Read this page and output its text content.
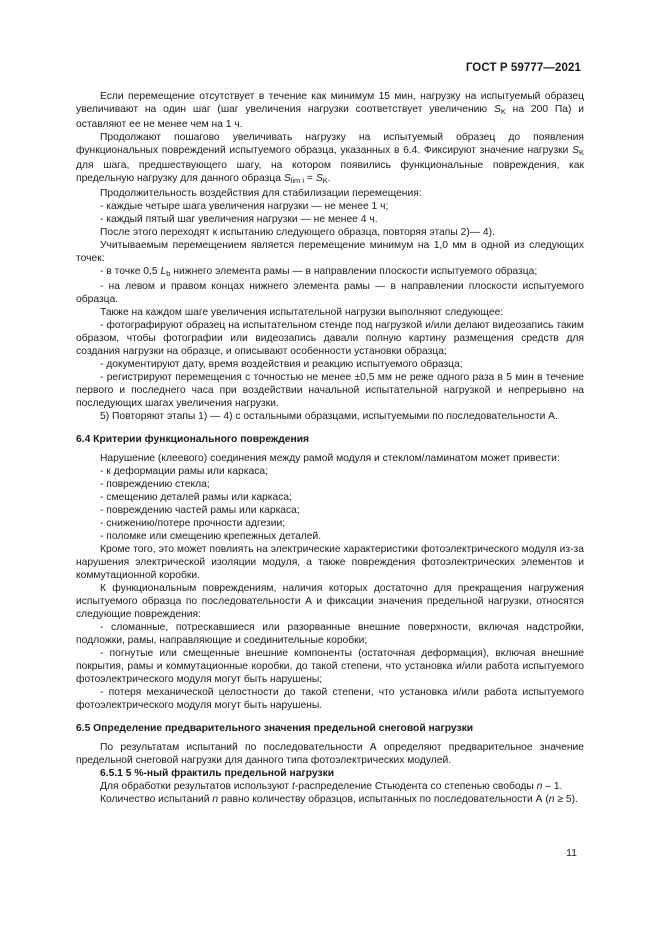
ГОСТ Р 59777—2021

Если перемещение отсутствует в течение как минимум 15 мин, нагрузку на испытуемый образец увеличивают на один шаг (шаг увеличения нагрузки соответствует увеличению SK на 200 Па) и оставляют ее не менее чем на 1 ч.

Продолжают пошагово увеличивать нагрузку на испытуемый образец до появления функциональных повреждений испытуемого образца, указанных в 6.4. Фиксируют значение нагрузки SK для шага, предшествующего шагу, на котором появились функциональные повреждения, как предельную нагрузку для данного образца Slim i = SK.

Продолжительность воздействия для стабилизации перемещения:

- каждые четыре шага увеличения нагрузки — не менее 1 ч;

- каждый пятый шаг увеличения нагрузки — не менее 4 ч.

После этого переходят к испытанию следующего образца, повторяя этапы 2)— 4).

Учитываемым перемещением является перемещение минимум на 1,0 мм в одной из следующих точек:

- в точке 0,5 Lb нижнего элемента рамы — в направлении плоскости испытуемого образца;

- на левом и правом концах нижнего элемента рамы — в направлении плоскости испытуемого образца.

Также на каждом шаге увеличения испытательной нагрузки выполняют следующее:

- фотографируют образец на испытательном стенде под нагрузкой и/или делают видеозапись таким образом, чтобы фотографии или видеозапись давали полную картину размещения средств для создания нагрузки на образце, и описывают особенности установки образца;

- документируют дату, время воздействия и реакцию испытуемого образца;

- регистрируют перемещения с точностью не менее ±0,5 мм не реже одного раза в 5 мин в течение первого и последнего часа при воздействии начальной испытательной нагрузкой и непрерывно на последующих шагах увеличения нагрузки.

5) Повторяют этапы 1) — 4) с остальными образцами, испытуемыми по последовательности А.

6.4 Критерии функционального повреждения

Нарушение (клеевого) соединения между рамой модуля и стеклом/ламинатом может привести:

- к деформации рамы или каркаса;

- повреждению стекла;

- смещению деталей рамы или каркаса;

- повреждению частей рамы или каркаса;

- снижению/потере прочности адгезии;

- поломке или смещению крепежных деталей.

Кроме того, это может повлиять на электрические характеристики фотоэлектрического модуля из-за нарушения электрической изоляции модуля, а также повреждения фотоэлектрических элементов и коммутационной коробки.

К функциональным повреждениям, наличия которых достаточно для прекращения нагружения испытуемого образца по последовательности А и фиксации значения предельной нагрузки, относятся следующие повреждения:

- сломанные, потрескавшиеся или разорванные внешние поверхности, включая надстройки, подложки, рамы, направляющие и соединительные коробки;

- погнутые или смещенные внешние компоненты (остаточная деформация), включая внешние покрытия, рамы и коммутационные коробки, до такой степени, что установка и/или работа испытуемого фотоэлектрического модуля могут быть нарушены;

- потеря механической целостности до такой степени, что установка и/или работа испытуемого фотоэлектрического модуля могут быть нарушены.

6.5 Определение предварительного значения предельной снеговой нагрузки

По результатам испытаний по последовательности А определяют предварительное значение предельной снеговой нагрузки для данного типа фотоэлектрических модулей.

6.5.1 5 %-ный фрактиль предельной нагрузки

Для обработки результатов используют t-распределение Стьюдента со степенью свободы n – 1.

Количество испытаний n равно количеству образцов, испытанных по последовательности А (n ≥ 5).

11
